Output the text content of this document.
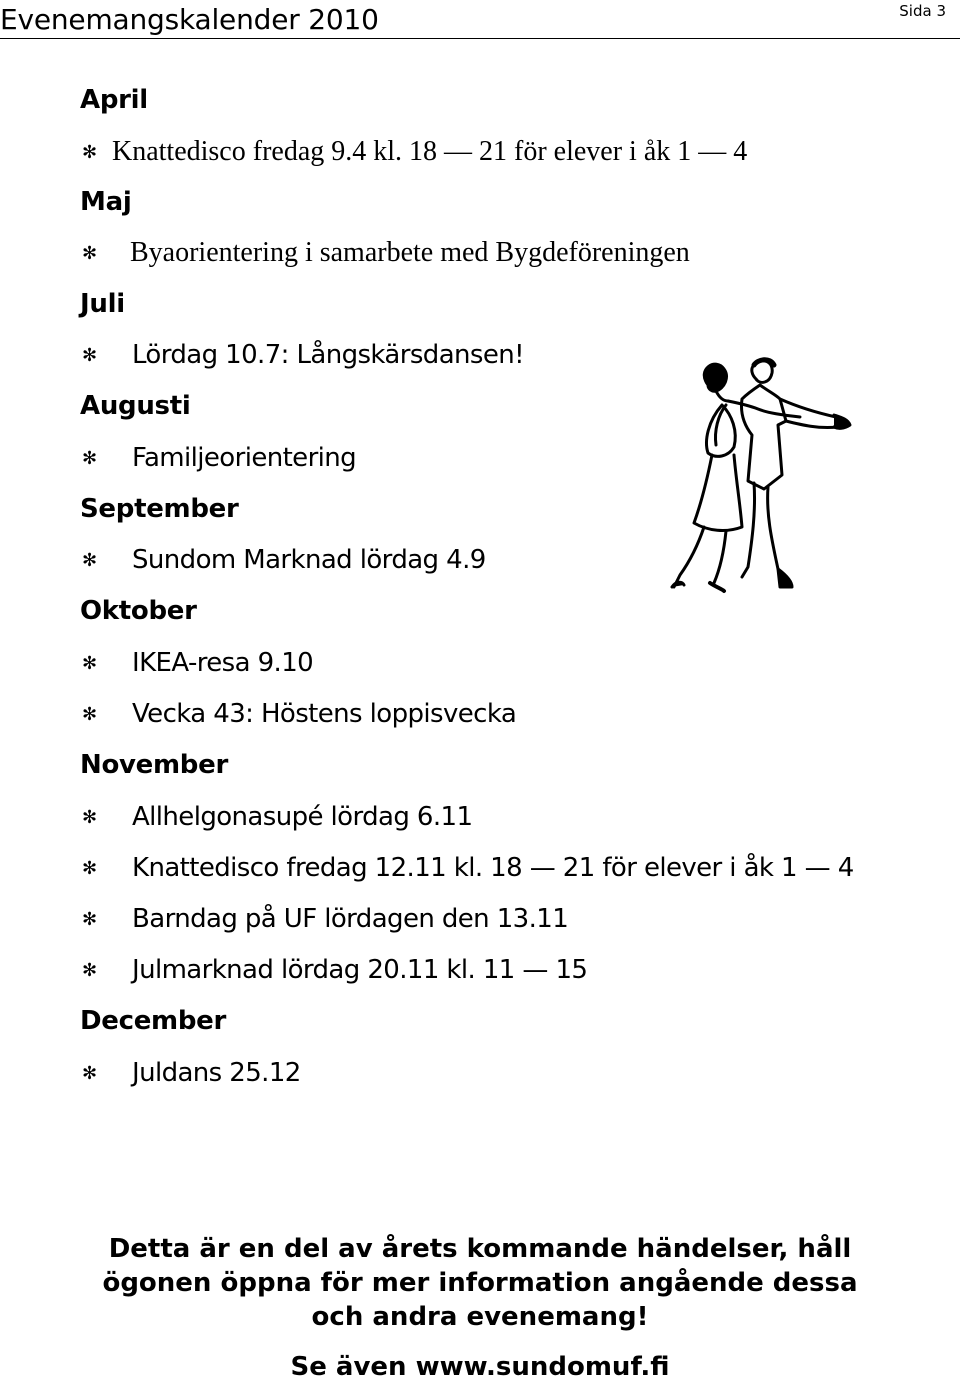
Evenemangskalender 2010	Sida 3
April
✻ Knattedisco fredag 9.4 kl. 18 — 21 för elever i åk 1 — 4
Maj
✻ Byaorientering i samarbete med Bygdeföreningen
Juli
✻ Lördag 10.7: Långskärsdansen!
Augusti
✻ Familjeorientering
September
✻ Sundom Marknad lördag 4.9
Oktober
✻ IKEA-resa 9.10
✻ Vecka 43: Höstens loppisvecka
November
✻ Allhelgonasupé lördag 6.11
✻ Knattedisco fredag 12.11 kl. 18 — 21 för elever i åk 1 — 4
✻ Barndag på UF lördagen den 13.11
✻ Julmarknad lördag 20.11 kl. 11 — 15
December
✻ Juldans 25.12
Detta är en del av årets kommande händelser, håll
ögonen öppna för mer information angående dessa
och andra evenemang!
Se även www.sundomuf.fi
